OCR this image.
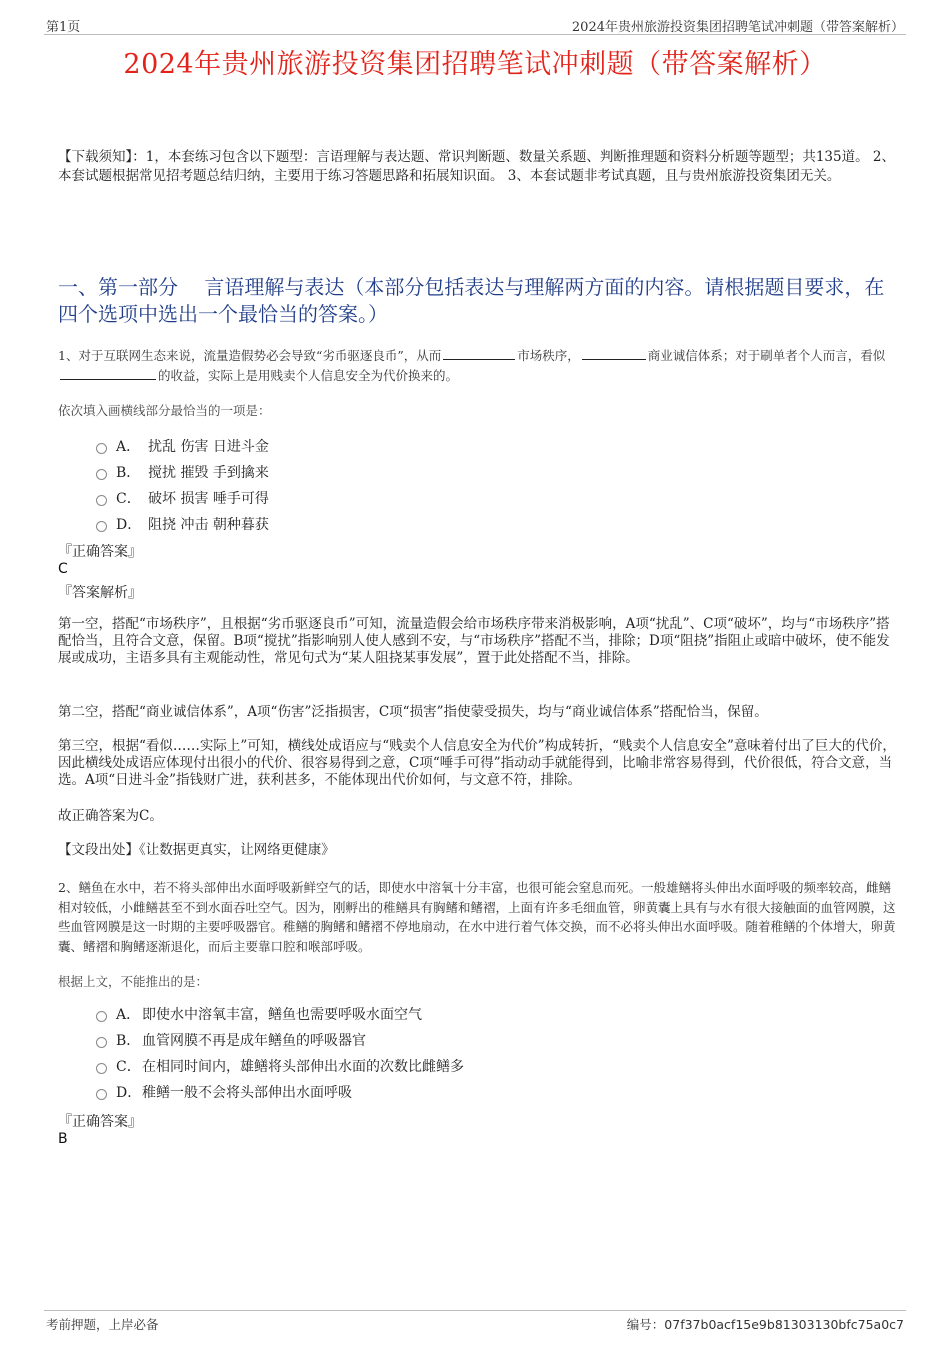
第1页	2024年贵州旅游投资集团招聘笔试冲刺题（带答案解析）
2024年贵州旅游投资集团招聘笔试冲刺题（带答案解析）
【下载须知】：1，本套练习包含以下题型：言语理解与表达题、常识判断题、数量关系题、判断推理题和资料分析题等题型；共135道。 2、本套试题根据常见招考题总结归纳，主要用于练习答题思路和拓展知识面。 3、本套试题非考试真题，且与贵州旅游投资集团无关。
一、第一部分　 言语理解与表达（本部分包括表达与理解两方面的内容。请根据题目要求，在四个选项中选出一个最恰当的答案。）
1、对于互联网生态来说，流量造假势必会导致“劣币驱逐良币”，从而	市场秩序，	商业诚信体系；对于刷单者个人而言，看似的收益，实际上是用贱卖个人信息安全为代价换来的。
依次填入画横线部分最恰当的一项是：
A． 扰乱 伤害 日进斗金
B． 搅扰 摧毁 手到擒来
C． 破坏 损害 唾手可得
D． 阻挠 冲击 朝种暮获
『正确答案』
C
『答案解析』
第一空，搭配“市场秩序”，且根据“劣币驱逐良币”可知，流量造假会给市场秩序带来消极影响，A项“扰乱”、C项“破坏”，均与“市场秩序”搭配恰当，且符合文意，保留。B项“搅扰”指影响别人使人感到不安，与“市场秩序”搭配不当，排除；D项“阻挠”指阻止或暗中破坏，使不能发展或成功，主语多具有主观能动性，常见句式为“某人阻挠某事发展”，置于此处搭配不当，排除。
第二空，搭配“商业诚信体系”，A项“伤害”泛指损害，C项“损害”指使蒙受损失，均与“商业诚信体系”搭配恰当，保留。
第三空，根据“看似……实际上”可知，横线处成语应与“贱卖个人信息安全为代价”构成转折，“贱卖个人信息安全”意味着付出了巨大的代价，因此横线处成语应体现付出很小的代价、很容易得到之意，C项“唾手可得”指动动手就能得到，比喻非常容易得到，代价很低，符合文意，当选。A项“日进斗金”指钱财广进，获利甚多，不能体现出代价如何，与文意不符，排除。
故正确答案为C。
【文段出处】《让数据更真实，让网络更健康》
2、鳝鱼在水中，若不将头部伸出水面呼吸新鲜空气的话，即使水中溶氧十分丰富，也很可能会窒息而死。一般雄鳝将头伸出水面呼吸的频率较高，雌鳝相对较低，小雌鳝甚至不到水面吞吐空气。因为，刚孵出的稚鳝具有胸鳍和鳍褶，上面有许多毛细血管，卵黄囊上具有与水有很大接触面的血管网膜，这些血管网膜是这一时期的主要呼吸器官。稚鳝的胸鳍和鳍褶不停地扇动，在水中进行着气体交换，而不必将头伸出水面呼吸。随着稚鳝的个体增大，卵黄囊、鳍褶和胸鳍逐渐退化，而后主要靠口腔和喉部呼吸。
根据上文，不能推出的是：
A． 即使水中溶氧丰富，鳝鱼也需要呼吸水面空气
B． 血管网膜不再是成年鳝鱼的呼吸器官
C． 在相同时间内，雄鳝将头部伸出水面的次数比雌鳝多
D． 稚鳝一般不会将头部伸出水面呼吸
『正确答案』
B
考前押题，上岸必备	编号：07f37b0acf15e9b81303130bfc75a0c7
